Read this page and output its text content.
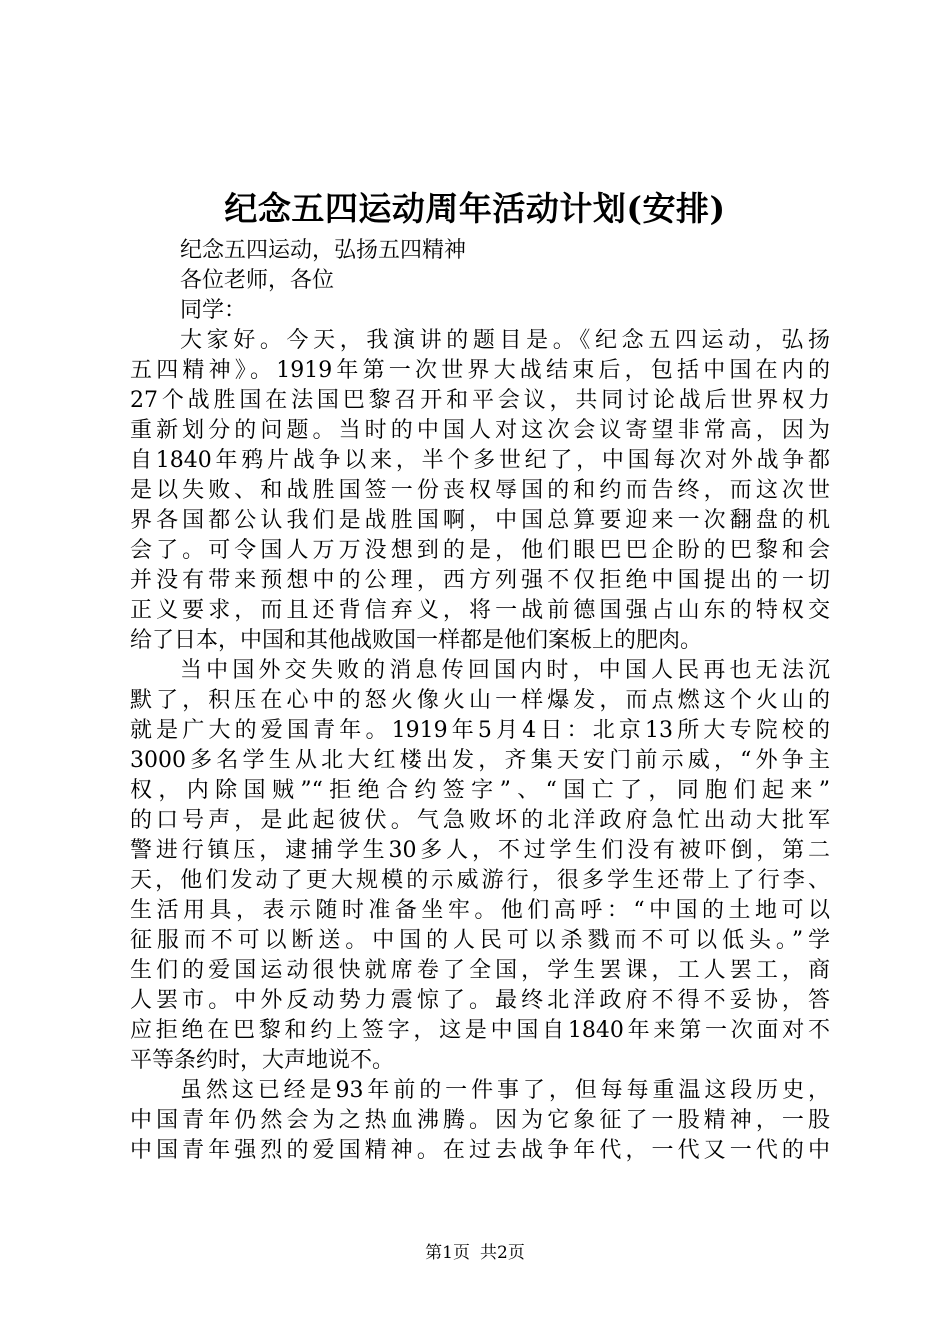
纪念五四运动周年活动计划(安排)
纪念五四运动，弘扬五四精神
各位老师，各位
同学：
大家好。今天，我演讲的题目是。《纪念五四运动，弘扬
五四精神》。1919年第一次世界大战结束后，包括中国在内的
27个战胜国在法国巴黎召开和平会议，共同讨论战后世界权力
重新划分的问题。当时的中国人对这次会议寄望非常高，因为
自1840年鸦片战争以来，半个多世纪了，中国每次对外战争都
是以失败、和战胜国签一份丧权辱国的和约而告终，而这次世
界各国都公认我们是战胜国啊，中国总算要迎来一次翻盘的机
会了。可令国人万万没想到的是，他们眼巴巴企盼的巴黎和会
并没有带来预想中的公理，西方列强不仅拒绝中国提出的一切
正义要求，而且还背信弃义，将一战前德国强占山东的特权交
给了日本，中国和其他战败国一样都是他们案板上的肥肉。
当中国外交失败的消息传回国内时，中国人民再也无法沉
默了，积压在心中的怒火像火山一样爆发，而点燃这个火山的
就是广大的爱国青年。1919年5月4日：北京13所大专院校的
3000多名学生从北大红楼出发，齐集天安门前示威，“外争主
权，内除国贼”“拒绝合约签字”、“国亡了，同胞们起来”
的口号声，是此起彼伏。气急败坏的北洋政府急忙出动大批军
警进行镇压，逮捕学生30多人，不过学生们没有被吓倒，第二
天，他们发动了更大规模的示威游行，很多学生还带上了行李、
生活用具，表示随时准备坐牢。他们高呼：“中国的土地可以
征服而不可以断送。中国的人民可以杀戮而不可以低头。”学
生们的爱国运动很快就席卷了全国，学生罢课，工人罢工，商
人罢市。中外反动势力震惊了。最终北洋政府不得不妥协，答
应拒绝在巴黎和约上签字，这是中国自1840年来第一次面对不
平等条约时，大声地说不。
虽然这已经是93年前的一件事了，但每每重温这段历史，
中国青年仍然会为之热血沸腾。因为它象征了一股精神，一股
中国青年强烈的爱国精神。在过去战争年代，一代又一代的中
第1页 共2页
